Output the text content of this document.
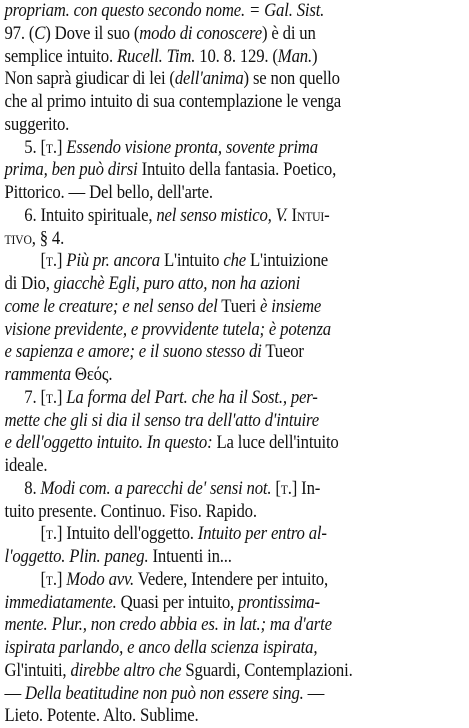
propriam. con questo secondo nome. = Gal. Sist.
97. (C) Dove il suo (modo di conoscere) è di un
semplice intuito. Rucell. Tim. 10. 8. 129. (Man.)
Non saprà giudicar di lei (dell'anima) se non quello
che al primo intuito di sua contemplazione le venga
suggerito.
5. [t.] Essendo visione pronta, sovente prima
prima, ben può dirsi Intuito della fantasia. Poetico,
Pittorico. — Del bello, dell'arte.
6. Intuito spirituale, nel senso mistico, V. Intui-
tivo, § 4.
[t.] Più pr. ancora L'intuito che L'intuizione
di Dio, giacchè Egli, puro atto, non ha azioni
come le creature; e nel senso del Tueri è insieme
visione previdente, e provvidente tutela; è potenza
e sapienza e amore; e il suono stesso di Tueor
rammenta Θεός.
7. [t.] La forma del Part. che ha il Sost., per-
mette che gli si dia il senso tra dell'atto d'intuire
e dell'oggetto intuito. In questo: La luce dell'intuito
ideale.
8. Modi com. a parecchi de' sensi not. [t.] In-
tuito presente. Continuo. Fiso. Rapido.
[t.] Intuito dell'oggetto. Intuito per entro al-
l'oggetto. Plin. paneg. Intuenti in...
[t.] Modo avv. Vedere, Intendere per intuito,
immediatamente. Quasi per intuito, prontissima-
mente. Plur., non credo abbia es. in lat.; ma d'arte
ispirata parlando, e anco della scienza ispirata,
Gl'intuiti, direbbe altro che Sguardi, Contemplazioni.
— Della beatitudine non può non essere sing. —
Lieto. Potente. Alto. Sublime.
